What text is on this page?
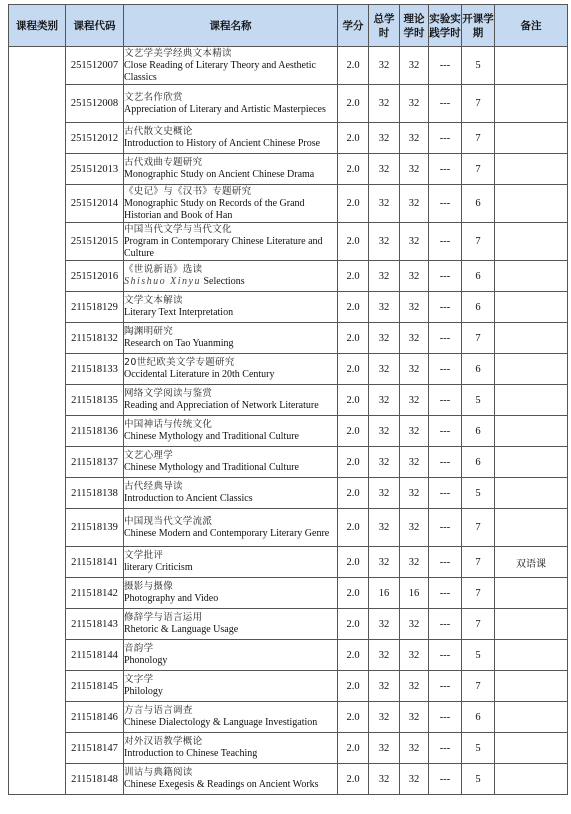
课程类别	课程代码	课程名称	学分	总学时	理论学时	实验实践学时	开课学期	备注
	251512007	文艺学美学经典文本精读
Close Reading of Literary Theory and Aesthetic Classics	2.0	32	32	---	5	
	251512008	文艺名作欣赏
Appreciation of Literary and Artistic Masterpieces	2.0	32	32	---	7	
	251512012	古代散文史概论
Introduction to History of Ancient Chinese Prose	2.0	32	32	---	7	
	251512013	古代戏曲专题研究
Monographic Study on Ancient Chinese Drama	2.0	32	32	---	7	
	251512014	《史记》与《汉书》专题研究
Monographic Study on Records of the Grand Historian and Book of Han	2.0	32	32	---	6	
	251512015	中国当代文学与当代文化
Program in Contemporary Chinese Literature and Culture	2.0	32	32	---	7	
	251512016	《世说新语》选读
Shishuo Xinyu Selections	2.0	32	32	---	6	
	211518129	文学文本解读
Literary Text Interpretation	2.0	32	32	---	6	
	211518132	陶渊明研究
Research on Tao Yuanming	2.0	32	32	---	7	
	211518133	20世纪欧美文学专题研究
Occidental Literature in 20th Century	2.0	32	32	---	6	
	211518135	网络文学阅读与鉴赏
Reading and Appreciation of Network Literature	2.0	32	32	---	5	
	211518136	中国神话与传统文化
Chinese Mythology and Traditional Culture	2.0	32	32	---	6	
	211518137	文艺心理学
Chinese Mythology and Traditional Culture	2.0	32	32	---	6	
	211518138	古代经典导读
Introduction to Ancient Classics	2.0	32	32	---	5	
	211518139	中国现当代文学流派
Chinese Modern and Contemporary Literary Genre	2.0	32	32	---	7	
	211518141	文学批评
literary Criticism	2.0	32	32	---	7	双语课
	211518142	摄影与摄像
Photography and Video	2.0	16	16	---	7	
	211518143	修辞学与语言运用
Rhetoric & Language Usage	2.0	32	32	---	7	
	211518144	音韵学
Phonology	2.0	32	32	---	5	
	211518145	文字学
Philology	2.0	32	32	---	7	
	211518146	方言与语言调查
Chinese Dialectology & Language Investigation	2.0	32	32	---	6	
	211518147	对外汉语教学概论
Introduction to Chinese Teaching	2.0	32	32	---	5	
	211518148	训诂与典籍阅读
Chinese Exegesis & Readings on Ancient Works	2.0	32	32	---	5	
